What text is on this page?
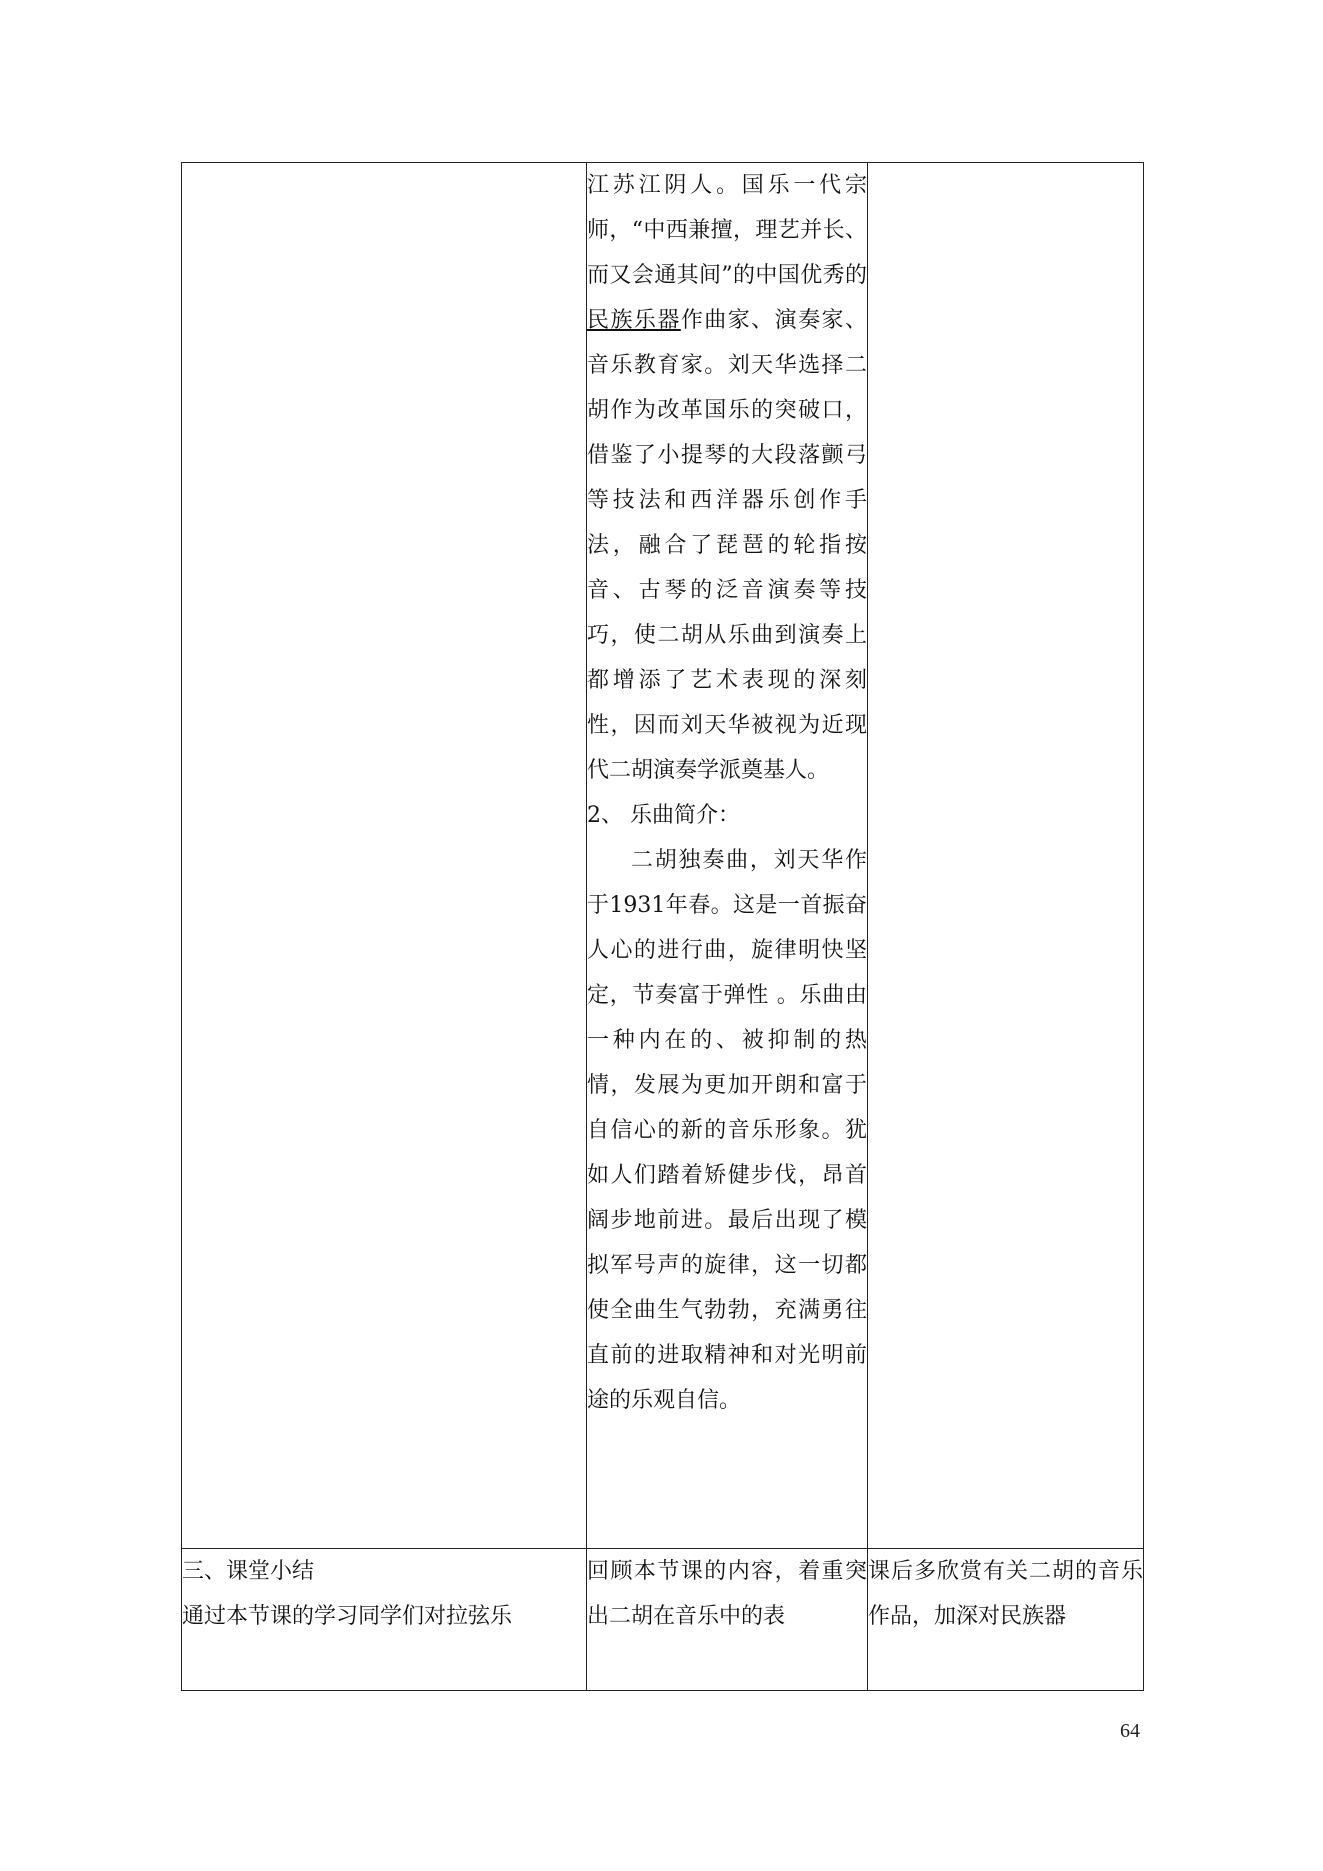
	江苏江阴人。国乐一代宗师，“中西兼擅，理艺并长、而又会通其间”的中国优秀的民族乐器作曲家、演奏家、音乐教育家。刘天华选择二胡作为改革国乐的突破口，借鉴了小提琴的大段落颤弓等技法和西洋器乐创作手法，融合了琵琶的轮指按音、古琴的泛音演奏等技巧，使二胡从乐曲到演奏上都增添了艺术表现的深刻性，因而刘天华被视为近现代二胡演奏学派奠基人。

2、 乐曲简介：

二胡独奏曲，刘天华作于1931年春。这是一首振奋人心的进行曲，旋律明快坚定，节奏富于弹性 。乐曲由一种内在的、被抑制的热情，发展为更加开朗和富于自信心的新的音乐形象。犹如人们踏着矫健步伐，昂首阔步地前进。最后出现了模拟军号声的旋律，这一切都使全曲生气勃勃，充满勇往直前的进取精神和对光明前途的乐观自信。	

三、课堂小结

通过本节课的学习同学们对拉弦乐	回顾本节课的内容，着重突出二胡在音乐中的表	课后多欣赏有关二胡的音乐作品，加深对民族器

64
